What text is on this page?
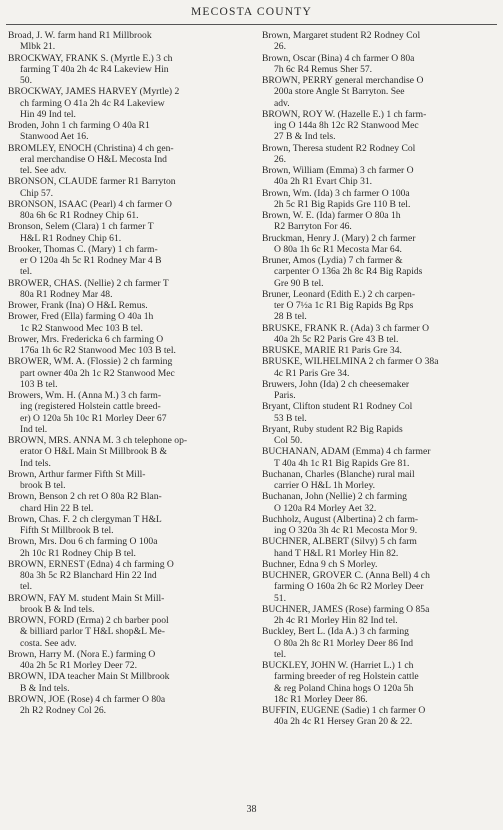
MECOSTA COUNTY

Broad, J. W. farm hand R1 Millbrook
Mlbk 21.

BROCKWAY, FRANK S. (Myrtle E.) 3 ch
farming T 40a 2h 4c R4 Lakeview Hin
50.

BROCKWAY, JAMES HARVEY (Myrtle) 2
ch farming O 41a 2h 4c R4 Lakeview
Hin 49 Ind tel.

Broden, John 1 ch farming O 40a R1
Stanwood Aet 16.

BROMLEY, ENOCH (Christina) 4 ch gen-
eral merchandise O H&L Mecosta Ind
tel. See adv.

BRONSON, CLAUDE farmer R1 Barryton
Chip 57.

BRONSON, ISAAC (Pearl) 4 ch farmer O
80a 6h 6c R1 Rodney Chip 61.

Bronson, Selem (Clara) 1 ch farmer T
H&L R1 Rodney Chip 61.

Brooker, Thomas C. (Mary) 1 ch farm-
er O 120a 4h 5c R1 Rodney Mar 4 B
tel.

BROWER, CHAS. (Nellie) 2 ch farmer T
80a R1 Rodney Mar 48.

Brower, Frank (Ina) O H&L Remus.

Brower, Fred (Ella) farming O 40a 1h
1c R2 Stanwood Mec 103 B tel.

Brower, Mrs. Fredericka 6 ch farming O
176a 1h 6c R2 Stanwood Mec 103 B tel.

BROWER, WM. A. (Flossie) 2 ch farming
part owner 40a 2h 1c R2 Stanwood Mec
103 B tel.

Browers, Wm. H. (Anna M.) 3 ch farm-
ing (registered Holstein cattle breed-
er) O 120a 5h 10c R1 Morley Deer 67
Ind tel.

BROWN, MRS. ANNA M. 3 ch telephone op-
erator O H&L Main St Millbrook B &
Ind tels.

Brown, Arthur farmer Fifth St Mill-
brook B tel.

Brown, Benson 2 ch ret O 80a R2 Blan-
chard Hin 22 B tel.

Brown, Chas. F. 2 ch clergyman T H&L
Fifth St Millbrook B tel.

Brown, Mrs. Dou 6 ch farming O 100a
2h 10c R1 Rodney Chip B tel.

BROWN, ERNEST (Edna) 4 ch farming O
80a 3h 5c R2 Blanchard Hin 22 Ind
tel.

BROWN, FAY M. student Main St Mill-
brook B & Ind tels.

BROWN, FORD (Erma) 2 ch barber pool
& billiard parlor T H&L shop&L Me-
costa. See adv.

Brown, Harry M. (Nora E.) farming O
40a 2h 5c R1 Morley Deer 72.

BROWN, IDA teacher Main St Millbrook
B & Ind tels.

BROWN, JOE (Rose) 4 ch farmer O 80a
2h R2 Rodney Col 26.

Brown, Margaret student R2 Rodney Col
26.

Brown, Oscar (Bina) 4 ch farmer O 80a
7h 6c R4 Remus Sher 57.

BROWN, PERRY general merchandise O
200a store Angle St Barryton. See
adv.

BROWN, ROY W. (Hazelle E.) 1 ch farm-
ing O 144a 8h 12c R2 Stanwood Mec
27 B & Ind tels.

Brown, Theresa student R2 Rodney Col
26.

Brown, William (Emma) 3 ch farmer O
40a 2h R1 Evart Chip 31.

Brown, Wm. (Ida) 3 ch farmer O 100a
2h 5c R1 Big Rapids Gre 110 B tel.

Brown, W. E. (Ida) farmer O 80a 1h
R2 Barryton For 46.

Bruckman, Henry J. (Mary) 2 ch farmer
O 80a 1h 6c R1 Mecosta Mar 64.

Bruner, Amos (Lydia) 7 ch farmer &
carpenter O 136a 2h 8c R4 Big Rapids
Gre 90 B tel.

Bruner, Leonard (Edith E.) 2 ch carpen-
ter O 7½a 1c R1 Big Rapids Bg Rps
28 B tel.

BRUSKE, FRANK R. (Ada) 3 ch farmer O
40a 2h 5c R2 Paris Gre 43 B tel.

BRUSKE, MARIE R1 Paris Gre 34.

BRUSKE, WILHELMINA 2 ch farmer O 38a
4c R1 Paris Gre 34.

Bruwers, John (Ida) 2 ch cheesemaker
Paris.

Bryant, Clifton student R1 Rodney Col
53 B tel.

Bryant, Ruby student R2 Big Rapids
Col 50.

BUCHANAN, ADAM (Emma) 4 ch farmer
T 40a 4h 1c R1 Big Rapids Gre 81.

Buchanan, Charles (Blanche) rural mail
carrier O H&L 1h Morley.

Buchanan, John (Nellie) 2 ch farming
O 120a R4 Morley Aet 32.

Buchholz, August (Albertina) 2 ch farm-
ing O 320a 3h 4c R1 Mecosta Mor 9.

BUCHNER, ALBERT (Silvy) 5 ch farm
hand T H&L R1 Morley Hin 82.

Buchner, Edna 9 ch S Morley.

BUCHNER, GROVER C. (Anna Bell) 4 ch
farming O 160a 2h 6c R2 Morley Deer
51.

BUCHNER, JAMES (Rose) farming O 85a
2h 4c R1 Morley Hin 82 Ind tel.

Buckley, Bert L. (Ida A.) 3 ch farming
O 80a 2h 8c R1 Morley Deer 86 Ind
tel.

BUCKLEY, JOHN W. (Harriet L.) 1 ch
farming breeder of reg Holstein cattle
& reg Poland China hogs O 120a 5h
18c R1 Morley Deer 86.

BUFFIN, EUGENE (Sadie) 1 ch farmer O
40a 2h 4c R1 Hersey Gran 20 & 22.

38
